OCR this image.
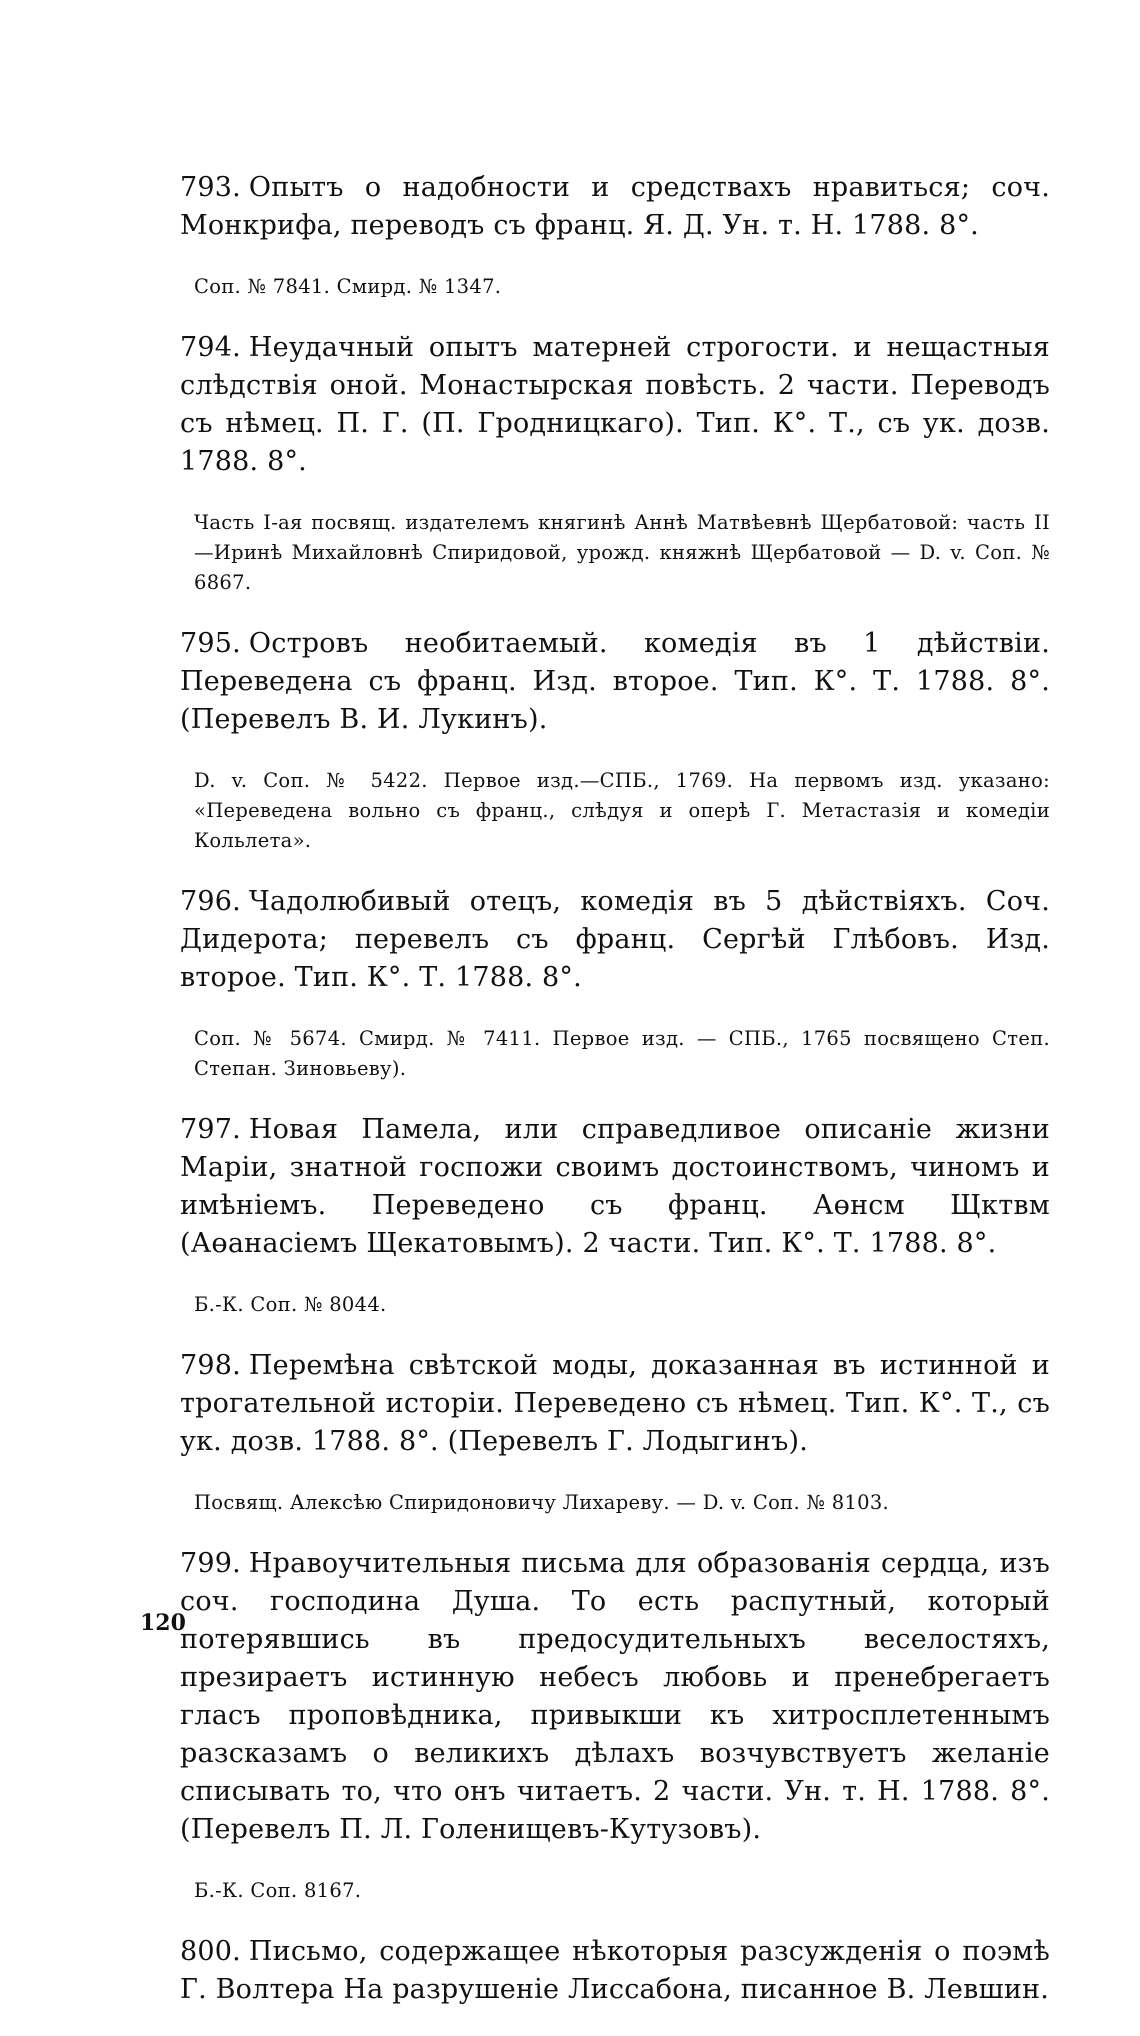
793. Опытъ о надобности и средствахъ нравиться; соч. Монкрифа, переводъ съ франц. Я. Д. Ун. т. Н. 1788. 8°.

Соп. № 7841. Смирд. № 1347.

794. Неудачный опытъ матерней строгости. и нещастныя слѣдствія оной. Монастырская повѣсть. 2 части. Переводъ съ нѣмец. П. Г. (П. Гродницкаго). Тип. К°. Т., съ ук. дозв. 1788. 8°.

Часть I-ая посвящ. издателемъ княгинѣ Аннѣ Матвѣевнѣ Щербатовой: часть II—Иринѣ Михайловнѣ Спиридовой, урожд. княжнѣ Щербатовой — D. v. Соп. № 6867.

795. Островъ необитаемый. комедія въ 1 дѣйствіи. Переведена съ франц. Изд. второе. Тип. К°. Т. 1788. 8°. (Перевелъ В. И. Лукинъ).

D. v. Соп. № 5422. Первое изд.—СПБ., 1769. На первомъ изд. указано: «Переведена вольно съ франц., слѣдуя и оперѣ Г. Метастазія и комедіи Кольлета».

796. Чадолюбивый отецъ, комедія въ 5 дѣйствіяхъ. Соч. Дидерота; перевелъ съ франц. Сергѣй Глѣбовъ. Изд. второе. Тип. К°. Т. 1788. 8°.

Соп. № 5674. Смирд. № 7411. Первое изд. — СПБ., 1765 посвящено Степ. Степан. Зиновьеву).

797. Новая Памела, или справедливое описаніе жизни Маріи, знатной госпожи своимъ достоинствомъ, чиномъ и имѣніемъ. Переведено съ франц. Аөнсм Щктвм (Аөанасіемъ Щекатовымъ). 2 части. Тип. К°. Т. 1788. 8°.

Б.-К. Соп. № 8044.

798. Перемѣна свѣтской моды, доказанная въ истинной и трогательной исторіи. Переведено съ нѣмец. Тип. К°. Т., съ ук. дозв. 1788. 8°. (Перевелъ Г. Лодыгинъ).

Посвящ. Алексѣю Спиридоновичу Лихареву. — D. v. Соп. № 8103.

799. Нравоучительныя письма для образованія сердца, изъ соч. господина Душа. То есть распутный, который потерявшись въ предосудительныхъ веселостяхъ, презираетъ истинную небесъ любовь и пренебрегаетъ гласъ проповѣдника, привыкши къ хитросплетеннымъ разсказамъ о великихъ дѣлахъ возчувствуетъ желаніе списывать то, что онъ читаетъ. 2 части. Ун. т. Н. 1788. 8°. (Перевелъ П. Л. Голенищевъ-Кутузовъ).

Б.-К. Соп. 8167.

800. Письмо, содержащее нѣкоторыя разсужденія о поэмѣ Г. Волтера На разрушеніе Лиссабона, писанное В. Левшин.

120
